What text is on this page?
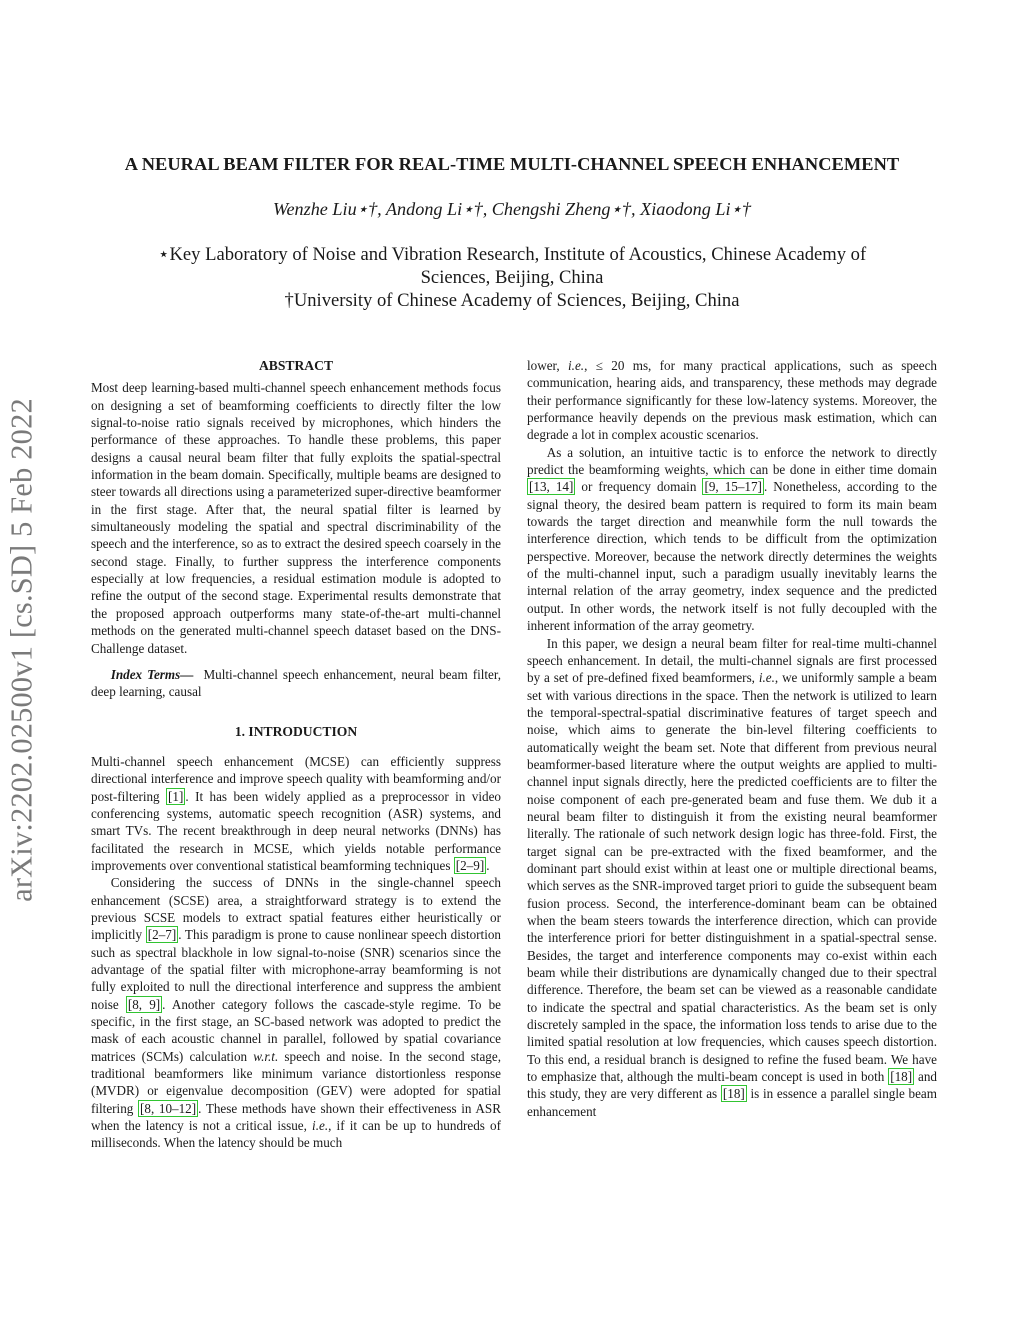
A NEURAL BEAM FILTER FOR REAL-TIME MULTI-CHANNEL SPEECH ENHANCEMENT
Wenzhe Liu⋆†, Andong Li⋆†, Chengshi Zheng⋆†, Xiaodong Li⋆†
⋆Key Laboratory of Noise and Vibration Research, Institute of Acoustics, Chinese Academy of
Sciences, Beijing, China
†University of Chinese Academy of Sciences, Beijing, China
arXiv:2202.02500v1 [cs.SD] 5 Feb 2022
ABSTRACT

Most deep learning-based multi-channel speech enhancement methods focus on designing a set of beamforming coefficients to directly filter the low signal-to-noise ratio signals received by microphones, which hinders the performance of these approaches. To handle these problems, this paper designs a causal neural beam filter that fully exploits the spatial-spectral information in the beam domain. Specifically, multiple beams are designed to steer towards all directions using a parameterized super-directive beamformer in the first stage. After that, the neural spatial filter is learned by simultaneously modeling the spatial and spectral discriminability of the speech and the interference, so as to extract the desired speech coarsely in the second stage. Finally, to further suppress the interference components especially at low frequencies, a residual estimation module is adopted to refine the output of the second stage. Experimental results demonstrate that the proposed approach outperforms many state-of-the-art multi-channel methods on the generated multi-channel speech dataset based on the DNS-Challenge dataset.

Index Terms— Multi-channel speech enhancement, neural beam filter, deep learning, causal

1. INTRODUCTION

Multi-channel speech enhancement (MCSE) can efficiently suppress directional interference and improve speech quality with beamforming and/or post-filtering [1] . It has been widely applied as a preprocessor in video conferencing systems, automatic speech recognition (ASR) systems, and smart TVs. The recent breakthrough in deep neural networks (DNNs) has facilitated the research in MCSE, which yields notable performance improvements over conventional statistical beamforming techniques [2–9] .

Considering the success of DNNs in the single-channel speech enhancement (SCSE) area, a straightforward strategy is to extend the previous SCSE models to extract spatial features either heuristically or implicitly [2–7] . This paradigm is prone to cause nonlinear speech distortion such as spectral blackhole in low signal-to-noise (SNR) scenarios since the advantage of the spatial filter with microphone-array beamforming is not fully exploited to null the directional interference and suppress the ambient noise [8, 9] . Another category follows the cascade-style regime. To be specific, in the first stage, an SC-based network was adopted to predict the mask of each acoustic channel in parallel, followed by spatial covariance matrices (SCMs) calculation w.r.t. speech and noise. In the second stage, traditional beamformers like minimum variance distortionless response (MVDR) or eigenvalue decomposition (GEV) were adopted for spatial filtering [8, 10–12] . These methods have shown their effectiveness in ASR when the latency is not a critical issue, i.e., if it can be up to hundreds of milliseconds. When the latency should be much

lower, i.e., ≤ 20 ms, for many practical applications, such as speech communication, hearing aids, and transparency, these methods may degrade their performance significantly for these low-latency systems. Moreover, the performance heavily depends on the previous mask estimation, which can degrade a lot in complex acoustic scenarios.

As a solution, an intuitive tactic is to enforce the network to directly predict the beamforming weights, which can be done in either time domain [13, 14] or frequency domain [9, 15–17] . Nonetheless, according to the signal theory, the desired beam pattern is required to form its main beam towards the target direction and meanwhile form the null towards the interference direction, which tends to be difficult from the optimization perspective. Moreover, because the network directly determines the weights of the multi-channel input, such a paradigm usually inevitably learns the internal relation of the array geometry, index sequence and the predicted output. In other words, the network itself is not fully decoupled with the inherent information of the array geometry.

In this paper, we design a neural beam filter for real-time multi-channel speech enhancement. In detail, the multi-channel signals are first processed by a set of pre-defined fixed beamformers, i.e., we uniformly sample a beam set with various directions in the space. Then the network is utilized to learn the temporal-spectral-spatial discriminative features of target speech and noise, which aims to generate the bin-level filtering coefficients to automatically weight the beam set. Note that different from previous neural beamformer-based literature where the output weights are applied to multi-channel input signals directly, here the predicted coefficients are to filter the noise component of each pre-generated beam and fuse them. We dub it a neural beam filter to distinguish it from the existing neural beamformer literally. The rationale of such network design logic has three-fold. First, the target signal can be pre-extracted with the fixed beamformer, and the dominant part should exist within at least one or multiple directional beams, which serves as the SNR-improved target priori to guide the subsequent beam fusion process. Second, the interference-dominant beam can be obtained when the beam steers towards the interference direction, which can provide the interference priori for better distinguishment in a spatial-spectral sense. Besides, the target and interference components may co-exist within each beam while their distributions are dynamically changed due to their spectral difference. Therefore, the beam set can be viewed as a reasonable candidate to indicate the spectral and spatial characteristics. As the beam set is only discretely sampled in the space, the information loss tends to arise due to the limited spatial resolution at low frequencies, which causes speech distortion. To this end, a residual branch is designed to refine the fused beam. We have to emphasize that, although the multi-beam concept is used in both [18] and this study, they are very different as [18] is in essence a parallel single beam enhancement
